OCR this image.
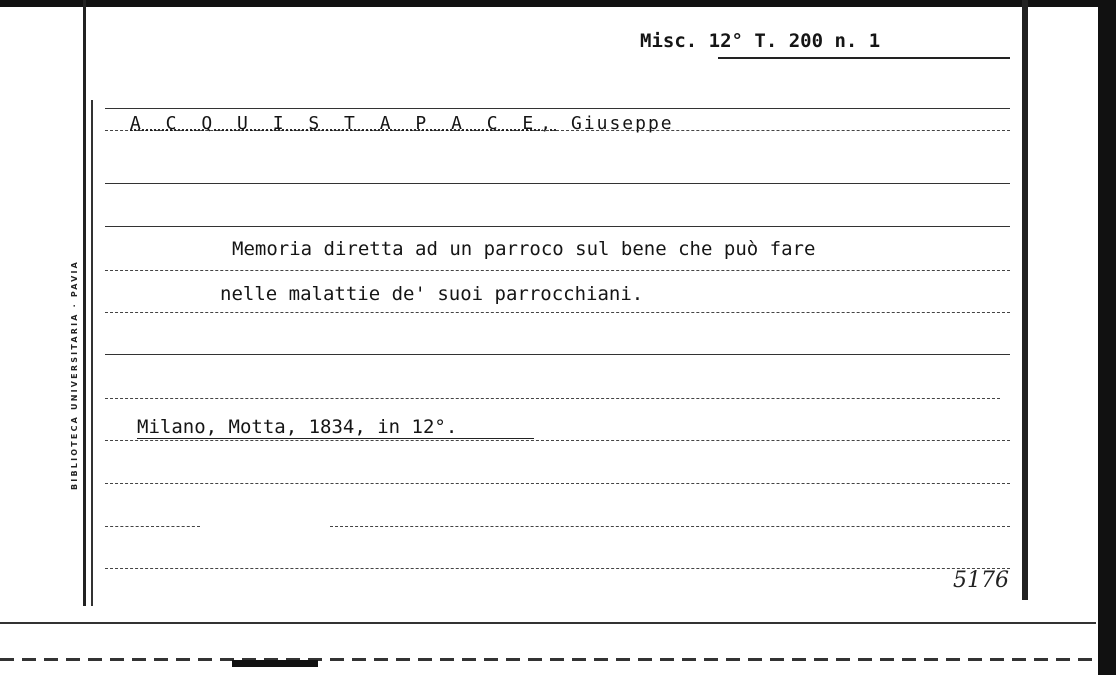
BIBLIOTECA UNIVERSITARIA · PAVIA
Misc. 12° T. 200 n. 1
A C Q U I S T A P A C E, Giuseppe
Memoria diretta ad un parroco sul bene che può fare
nelle malattie de' suoi parrocchiani.
Milano, Motta, 1834, in 12°.
5176
